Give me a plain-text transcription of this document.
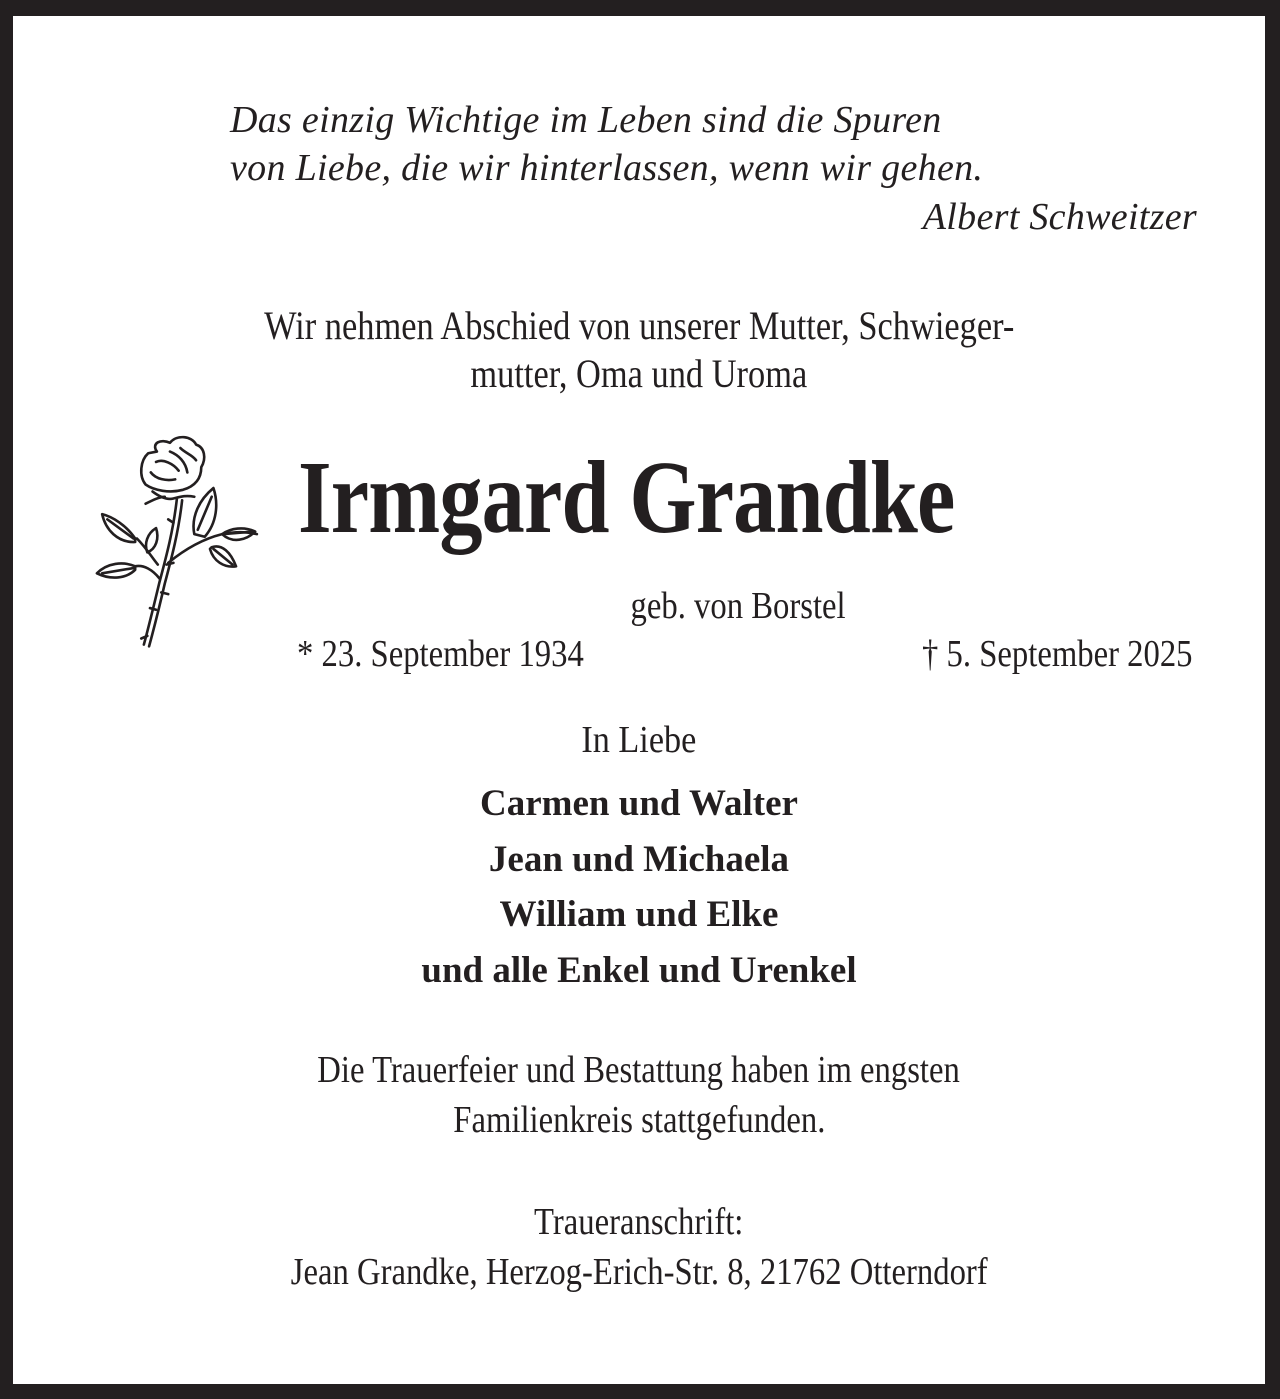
Das einzig Wichtige im Leben sind die Spuren
von Liebe, die wir hinterlassen, wenn wir gehen.
Albert Schweitzer
Wir nehmen Abschied von unserer Mutter, Schwieger-
mutter, Oma und Uroma
Irmgard Grandke
geb. von Borstel
* 23. September 1934	† 5. September 2025
In Liebe
Carmen und Walter
Jean und Michaela
William und Elke
und alle Enkel und Urenkel
Die Trauerfeier und Bestattung haben im engsten
Familienkreis stattgefunden.
Traueranschrift:
Jean Grandke, Herzog-Erich-Str. 8, 21762 Otterndorf
